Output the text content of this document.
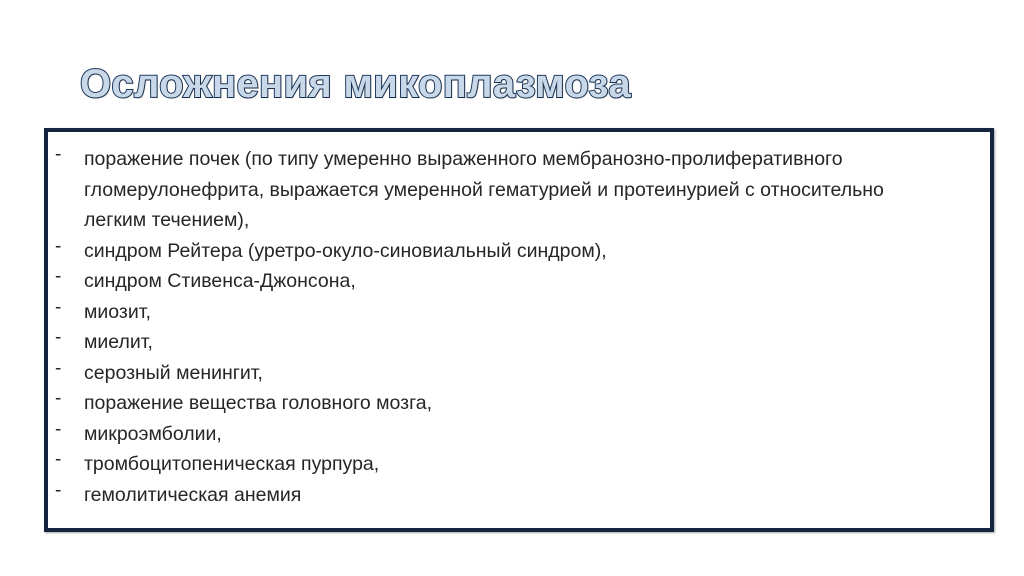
Осложнения микоплазмоза
- поражение почек (по типу умеренно выраженного мембранозно-пролиферативного гломерулонефрита, выражается умеренной гематурией и протеинурией с относительно легким течением),
- синдром Рейтера (уретро-окуло-синовиальный синдром),
- синдром Стивенса-Джонсона,
- миозит,
- миелит,
- серозный менингит,
- поражение вещества головного мозга,
- микроэмболии,
- тромбоцитопеническая пурпура,
- гемолитическая анемия
